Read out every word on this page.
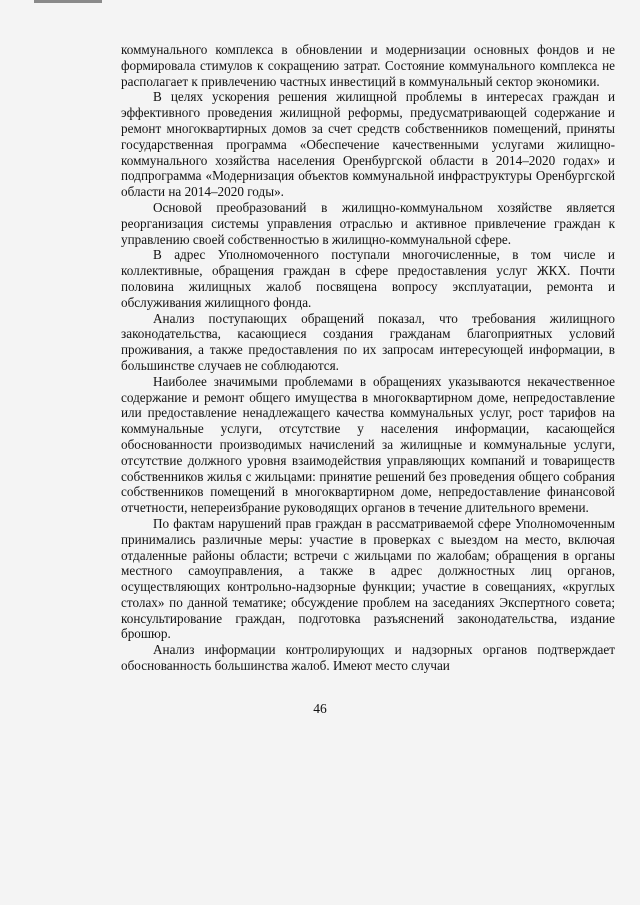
коммунального комплекса в обновлении и модернизации основных фондов и не формировала стимулов к сокращению затрат. Состояние коммунального комплекса не располагает к привлечению частных инвестиций в коммунальный сектор экономики.

В целях ускорения решения жилищной проблемы в интересах граждан и эффективного проведения жилищной реформы, предусматривающей содержание и ремонт многоквартирных домов за счет средств собственников помещений, приняты государственная программа «Обеспечение качественными услугами жилищно-коммунального хозяйства населения Оренбургской области в 2014–2020 годах» и подпрограмма «Модернизация объектов коммунальной инфраструктуры Оренбургской области на 2014–2020 годы».

Основой преобразований в жилищно-коммунальном хозяйстве является реорганизация системы управления отраслью и активное привлечение граждан к управлению своей собственностью в жилищно-коммунальной сфере.

В адрес Уполномоченного поступали многочисленные, в том числе и коллективные, обращения граждан в сфере предоставления услуг ЖКХ. Почти половина жилищных жалоб посвящена вопросу эксплуатации, ремонта и обслуживания жилищного фонда.

Анализ поступающих обращений показал, что требования жилищного законодательства, касающиеся создания гражданам благоприятных условий проживания, а также предоставления по их запросам интересующей информации, в большинстве случаев не соблюдаются.

Наиболее значимыми проблемами в обращениях указываются некачественное содержание и ремонт общего имущества в многоквартирном доме, непредоставление или предоставление ненадлежащего качества коммунальных услуг, рост тарифов на коммунальные услуги, отсутствие у населения информации, касающейся обоснованности производимых начислений за жилищные и коммунальные услуги, отсутствие должного уровня взаимодействия управляющих компаний и товариществ собственников жилья с жильцами: принятие решений без проведения общего собрания собственников помещений в многоквартирном доме, непредоставление финансовой отчетности, непереизбрание руководящих органов в течение длительного времени.

По фактам нарушений прав граждан в рассматриваемой сфере Уполномоченным принимались различные меры: участие в проверках с выездом на место, включая отдаленные районы области; встречи с жильцами по жалобам; обращения в органы местного самоуправления, а также в адрес должностных лиц органов, осуществляющих контрольно-надзорные функции; участие в совещаниях, «круглых столах» по данной тематике; обсуждение проблем на заседаниях Экспертного совета; консультирование граждан, подготовка разъяснений законодательства, издание брошюр.

Анализ информации контролирующих и надзорных органов подтверждает обоснованность большинства жалоб. Имеют место случаи

46
